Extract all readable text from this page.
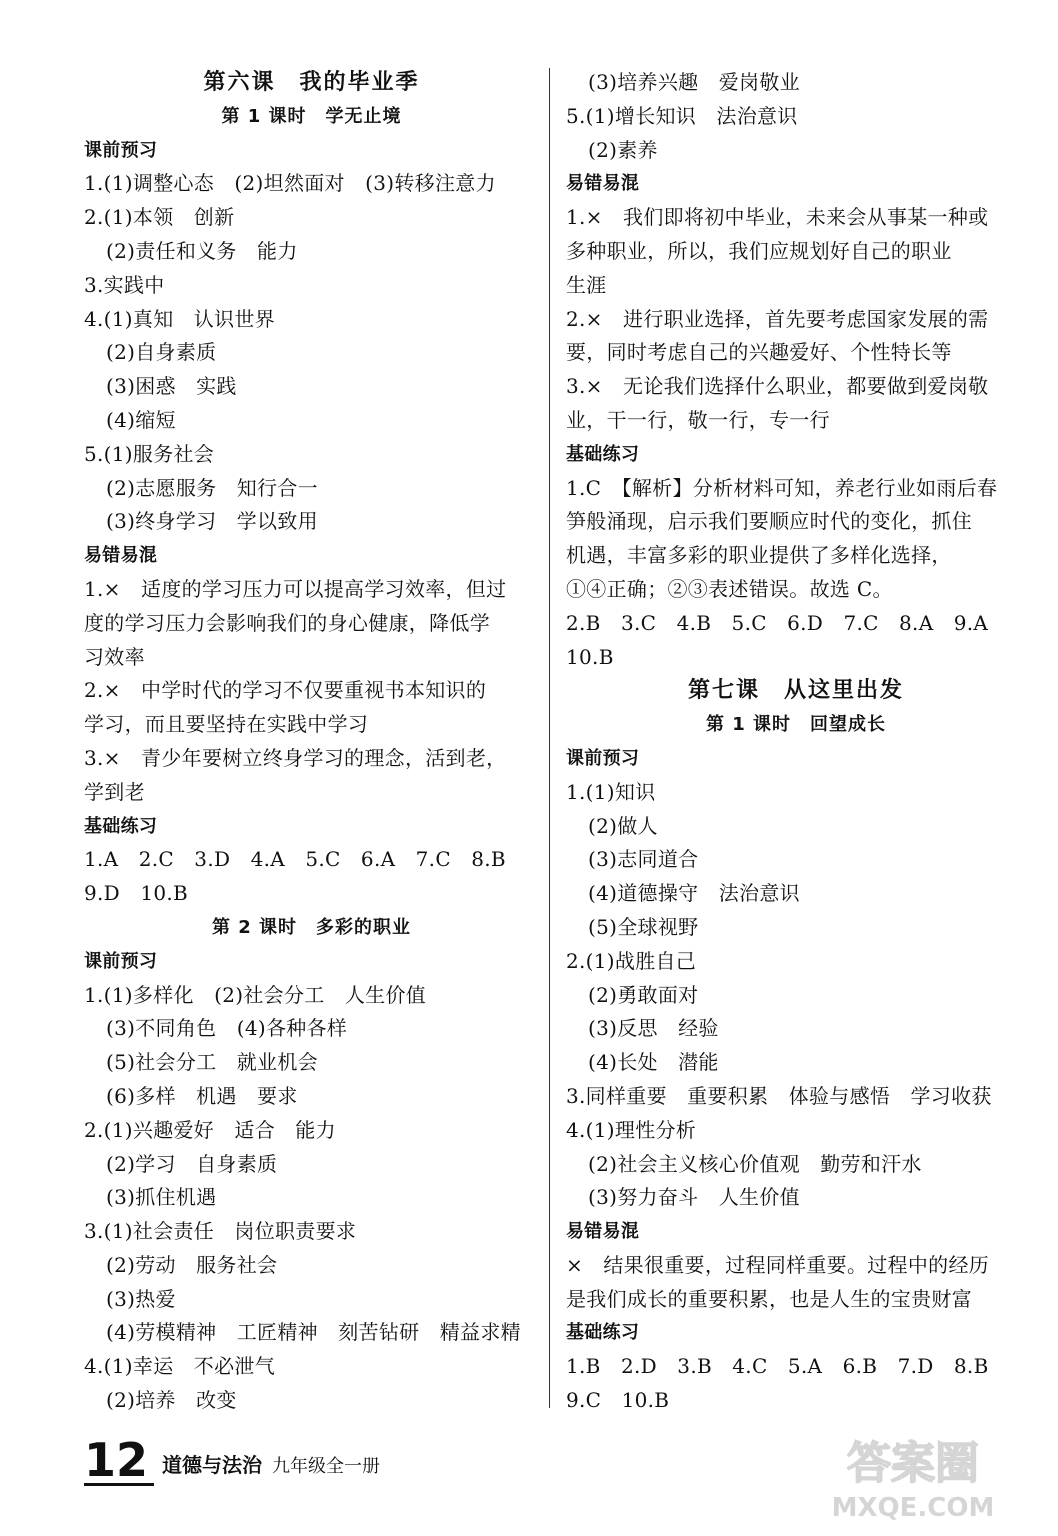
第六课　我的毕业季
第 1 课时　学无止境
课前预习
1.(1)调整心态　(2)坦然面对　(3)转移注意力
2.(1)本领　创新
(2)责任和义务　能力
3.实践中
4.(1)真知　认识世界
(2)自身素质
(3)困惑　实践
(4)缩短
5.(1)服务社会
(2)志愿服务　知行合一
(3)终身学习　学以致用
易错易混
1.×　适度的学习压力可以提高学习效率，但过
度的学习压力会影响我们的身心健康，降低学
习效率
2.×　中学时代的学习不仅要重视书本知识的
学习，而且要坚持在实践中学习
3.×　青少年要树立终身学习的理念，活到老，
学到老
基础练习
1.A　2.C　3.D　4.A　5.C　6.A　7.C　8.B
9.D　10.B
第 2 课时　多彩的职业
课前预习
1.(1)多样化　(2)社会分工　人生价值
(3)不同角色　(4)各种各样
(5)社会分工　就业机会
(6)多样　机遇　要求
2.(1)兴趣爱好　适合　能力
(2)学习　自身素质
(3)抓住机遇
3.(1)社会责任　岗位职责要求
(2)劳动　服务社会
(3)热爱
(4)劳模精神　工匠精神　刻苦钻研　精益求精
4.(1)幸运　不必泄气
(2)培养　改变
(3)培养兴趣　爱岗敬业
5.(1)增长知识　法治意识
(2)素养
易错易混
1.×　我们即将初中毕业，未来会从事某一种或
多种职业，所以，我们应规划好自己的职业
生涯
2.×　进行职业选择，首先要考虑国家发展的需
要，同时考虑自己的兴趣爱好、个性特长等
3.×　无论我们选择什么职业，都要做到爱岗敬
业，干一行，敬一行，专一行
基础练习
1.C　【解析】分析材料可知，养老行业如雨后春
笋般涌现，启示我们要顺应时代的变化，抓住
机遇，丰富多彩的职业提供了多样化选择，
①④正确；②③表述错误。故选 C。
2.B　3.C　4.B　5.C　6.D　7.C　8.A　9.A
10.B
第七课　从这里出发
第 1 课时　回望成长
课前预习
1.(1)知识
(2)做人
(3)志同道合
(4)道德操守　法治意识
(5)全球视野
2.(1)战胜自己
(2)勇敢面对
(3)反思　经验
(4)长处　潜能
3.同样重要　重要积累　体验与感悟　学习收获
4.(1)理性分析
(2)社会主义核心价值观　勤劳和汗水
(3)努力奋斗　人生价值
易错易混
×　结果很重要，过程同样重要。过程中的经历
是我们成长的重要积累，也是人生的宝贵财富
基础练习
1.B　2.D　3.B　4.C　5.A　6.B　7.D　8.B
9.C　10.B
12 道德与法治 九年级全一册	答案圈
MXQE.COM
